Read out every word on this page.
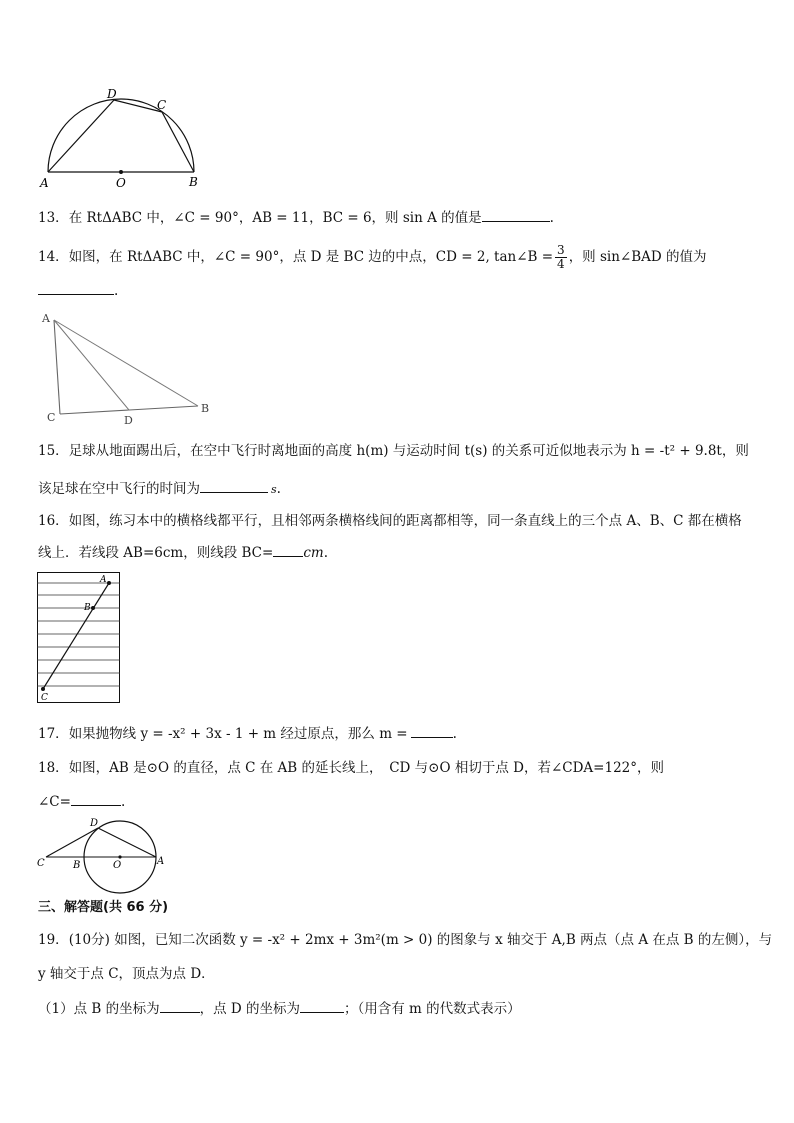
D
C
A	O	B
13．在 RtΔABC 中，∠C = 90°，AB = 11，BC = 6，则 sin A 的值是	.
14．如图，在 RtΔABC 中，∠C = 90°，点 D 是 BC 边的中点，CD = 2, tan∠B = $\frac{3}{4}$ ，则 sin∠BAD 的值为
.
A
C	D
B
15．足球从地面踢出后，在空中飞行时离地面的高度 h(m) 与运动时间 t(s) 的关系可近似地表示为 h = -t² + 9.8t，则
该足球在空中飞行的时间为	s.
16．如图，练习本中的横格线都平行，且相邻两条横格线间的距离都相等，同一条直线上的三个点 A、B、C 都在横格
线上．若线段 AB=6cm，则线段 BC= cm.
A
B
C
17．如果抛物线 y = -x² + 3x - 1 + m 经过原点，那么 m =	.
18．如图，AB 是⊙O 的直径，点 C 在 AB 的延长线上，　CD 与⊙O 相切于点 D，若∠CDA=122°，则
∠C=	.
D
C	B	O	A
三、解答题(共 66 分)
19．(10分) 如图，已知二次函数 y = -x² + 2mx + 3m²(m > 0) 的图象与 x 轴交于 A,B 两点（点 A 在点 B 的左侧），与
y 轴交于点 C，顶点为点 D．
（1）点 B 的坐标为	，点 D 的坐标为	；（用含有 m 的代数式表示）
